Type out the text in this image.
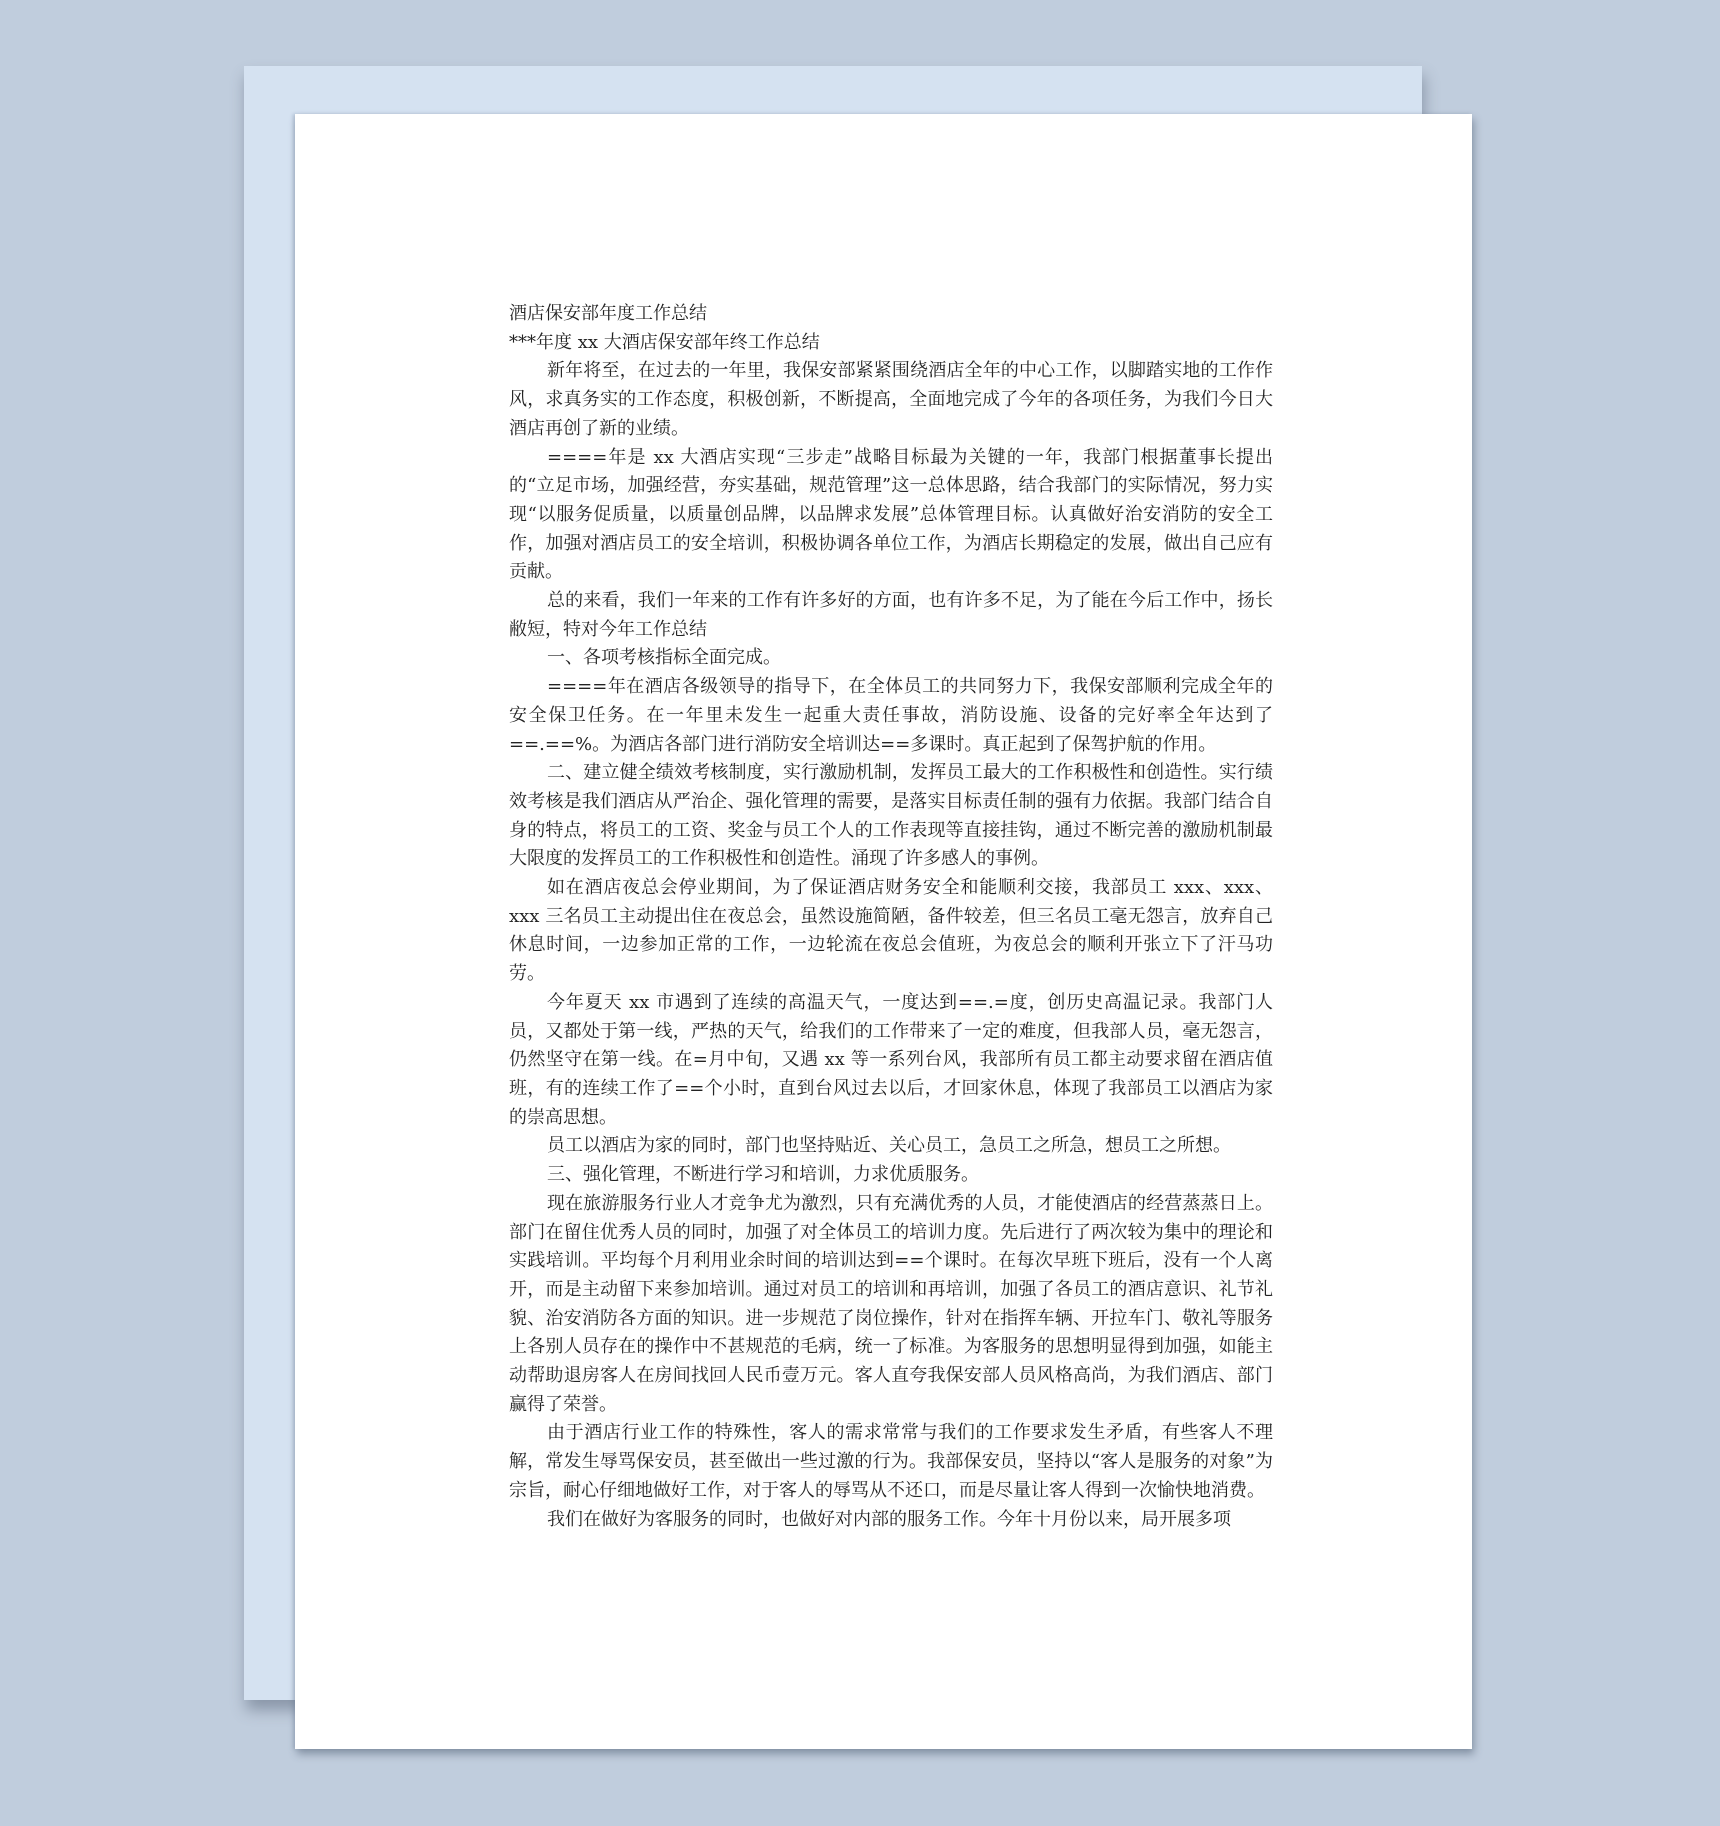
酒店保安部年度工作总结

***年度 xx 大酒店保安部年终工作总结

新年将至，在过去的一年里，我保安部紧紧围绕酒店全年的中心工作，以脚踏实地的工作作风，求真务实的工作态度，积极创新，不断提高，全面地完成了今年的各项任务，为我们今日大酒店再创了新的业绩。

====年是 xx 大酒店实现“三步走”战略目标最为关键的一年，我部门根据董事长提出的“立足市场，加强经营，夯实基础，规范管理”这一总体思路，结合我部门的实际情况，努力实现“以服务促质量，以质量创品牌，以品牌求发展”总体管理目标。认真做好治安消防的安全工作，加强对酒店员工的安全培训，积极协调各单位工作，为酒店长期稳定的发展，做出自己应有贡献。

总的来看，我们一年来的工作有许多好的方面，也有许多不足，为了能在今后工作中，扬长敝短，特对今年工作总结

一、各项考核指标全面完成。

====年在酒店各级领导的指导下，在全体员工的共同努力下，我保安部顺利完成全年的安全保卫任务。在一年里未发生一起重大责任事故，消防设施、设备的完好率全年达到了==.==%。为酒店各部门进行消防安全培训达==多课时。真正起到了保驾护航的作用。

二、建立健全绩效考核制度，实行激励机制，发挥员工最大的工作积极性和创造性。实行绩效考核是我们酒店从严治企、强化管理的需要，是落实目标责任制的强有力依据。我部门结合自身的特点，将员工的工资、奖金与员工个人的工作表现等直接挂钩，通过不断完善的激励机制最大限度的发挥员工的工作积极性和创造性。涌现了许多感人的事例。

如在酒店夜总会停业期间，为了保证酒店财务安全和能顺利交接，我部员工 xxx、xxx、xxx 三名员工主动提出住在夜总会，虽然设施简陋，备件较差，但三名员工毫无怨言，放弃自己休息时间，一边参加正常的工作，一边轮流在夜总会值班，为夜总会的顺利开张立下了汗马功劳。

今年夏天 xx 市遇到了连续的高温天气，一度达到==.=度，创历史高温记录。我部门人员，又都处于第一线，严热的天气，给我们的工作带来了一定的难度，但我部人员，毫无怨言，仍然坚守在第一线。在=月中旬，又遇 xx 等一系列台风，我部所有员工都主动要求留在酒店值班，有的连续工作了==个小时，直到台风过去以后，才回家休息，体现了我部员工以酒店为家的崇高思想。

员工以酒店为家的同时，部门也坚持贴近、关心员工，急员工之所急，想员工之所想。

三、强化管理，不断进行学习和培训，力求优质服务。

现在旅游服务行业人才竞争尤为激烈，只有充满优秀的人员，才能使酒店的经营蒸蒸日上。部门在留住优秀人员的同时，加强了对全体员工的培训力度。先后进行了两次较为集中的理论和实践培训。平均每个月利用业余时间的培训达到==个课时。在每次早班下班后，没有一个人离开，而是主动留下来参加培训。通过对员工的培训和再培训，加强了各员工的酒店意识、礼节礼貌、治安消防各方面的知识。进一步规范了岗位操作，针对在指挥车辆、开拉车门、敬礼等服务上各别人员存在的操作中不甚规范的毛病，统一了标准。为客服务的思想明显得到加强，如能主动帮助退房客人在房间找回人民币壹万元。客人直夸我保安部人员风格高尚，为我们酒店、部门赢得了荣誉。

由于酒店行业工作的特殊性，客人的需求常常与我们的工作要求发生矛盾，有些客人不理解，常发生辱骂保安员，甚至做出一些过激的行为。我部保安员，坚持以“客人是服务的对象”为宗旨，耐心仔细地做好工作，对于客人的辱骂从不还口，而是尽量让客人得到一次愉快地消费。

我们在做好为客服务的同时，也做好对内部的服务工作。今年十月份以来，局开展多项
